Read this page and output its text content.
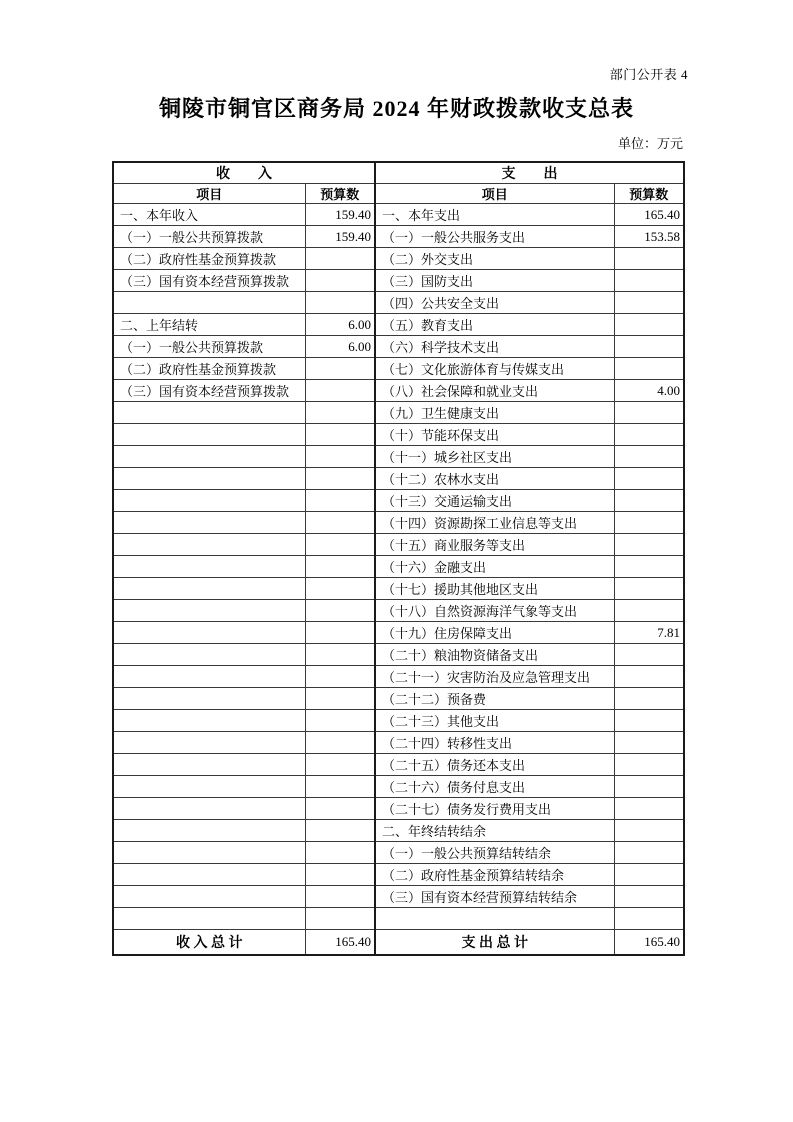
部门公开表 4
铜陵市铜官区商务局 2024 年财政拨款收支总表
单位：万元
收　　入		支　　出	
项目	预算数	项目	预算数
一、本年收入	159.40	一、本年支出	165.40
（一）一般公共预算拨款	159.40	（一）一般公共服务支出	153.58
（二）政府性基金预算拨款		（二）外交支出	
（三）国有资本经营预算拨款		（三）国防支出	
		（四）公共安全支出	
二、上年结转	6.00	（五）教育支出	
（一）一般公共预算拨款	6.00	（六）科学技术支出	
（二）政府性基金预算拨款		（七）文化旅游体育与传媒支出	
（三）国有资本经营预算拨款		（八）社会保障和就业支出	4.00
		（九）卫生健康支出	
		（十）节能环保支出	
		（十一）城乡社区支出	
		（十二）农林水支出	
		（十三）交通运输支出	
		（十四）资源勘探工业信息等支出	
		（十五）商业服务等支出	
		（十六）金融支出	
		（十七）援助其他地区支出	
		（十八）自然资源海洋气象等支出	
		（十九）住房保障支出	7.81
		（二十）粮油物资储备支出	
		（二十一）灾害防治及应急管理支出	
		（二十二）预备费	
		（二十三）其他支出	
		（二十四）转移性支出	
		（二十五）债务还本支出	
		（二十六）债务付息支出	
		（二十七）债务发行费用支出	
		二、年终结转结余	
		（一）一般公共预算结转结余	
		（二）政府性基金预算结转结余	
		（三）国有资本经营预算结转结余	

收 入 总 计	165.40	支 出 总 计	165.40
